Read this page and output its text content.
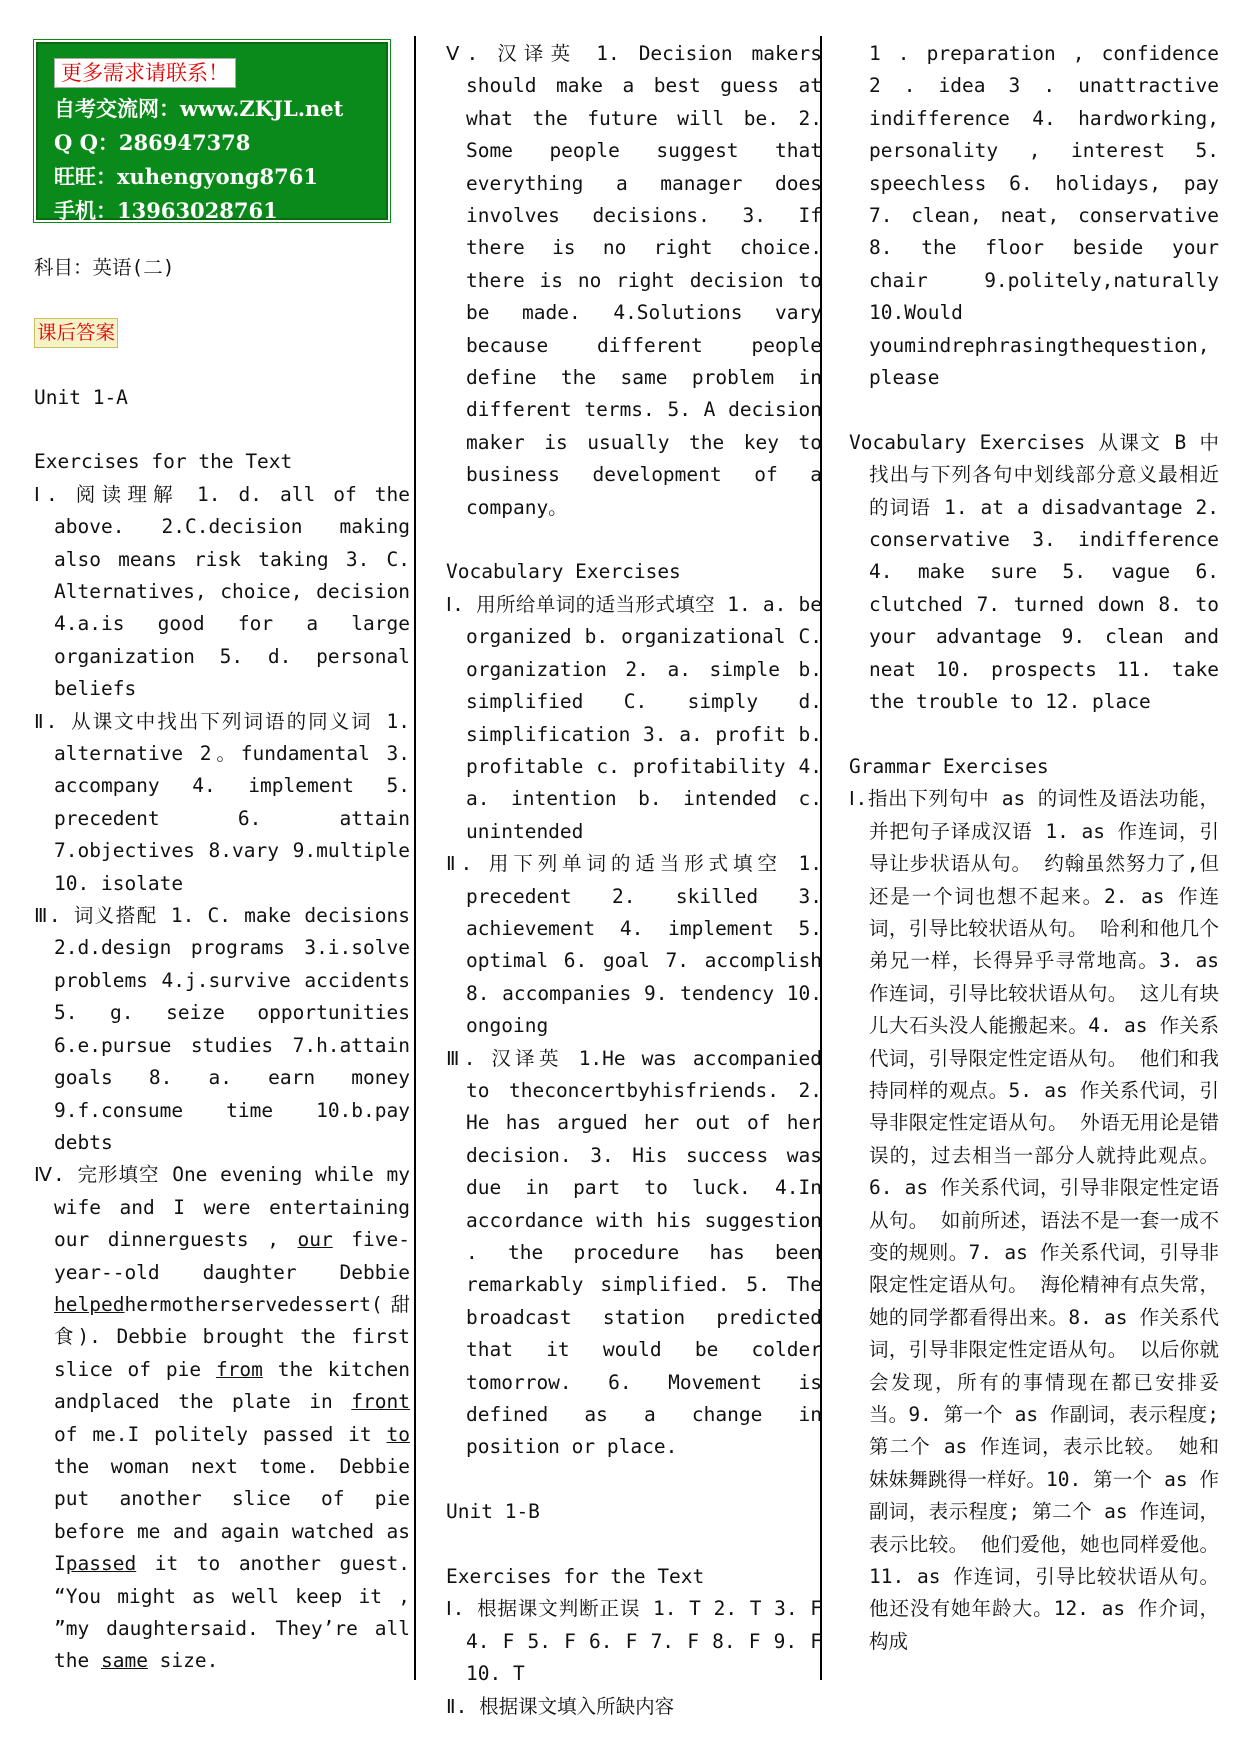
更多需求请联系！
自考交流网：www.ZKJL.net
Q Q：286947378
旺旺：xuhengyong8761
手机：13963028761

科目：英语(二)

课后答案

Unit 1-A

Exercises for the Text

Ⅰ. 阅读理解 1. d. all of the above. 2.C.decision making also means risk taking 3. C. Alternatives, choice, decision 4.a.is good for a large organization 5. d. personal beliefs

Ⅱ. 从课文中找出下列词语的同义词 1. alternative 2。fundamental 3. accompany 4. implement 5. precedent 6. attain 7.objectives 8.vary 9.multiple 10. isolate

Ⅲ. 词义搭配 1. C. make decisions 2.d.design programs 3.i.solve problems 4.j.survive accidents 5. g. seize opportunities 6.e.pursue studies 7.h.attain goals 8. a. earn money 9.f.consume time 10.b.pay debts

Ⅳ. 完形填空 One evening while my wife and I were entertaining our dinnerguests , our five-year--old daughter Debbie helpedhermotherservedessert(甜食). Debbie brought the first slice of pie from the kitchen andplaced the plate in front of me.I politely passed it to the woman next tome. Debbie put another slice of pie before me and again watched as Ipassed it to another guest. “You might as well keep it , ”my daughtersaid. They’re all the same size.

Ⅴ. 汉译英 1. Decision makers should make a best guess at what the future will be. 2. Some people suggest that everything a manager does involves decisions. 3. If there is no right choice. there is no right decision to be made. 4.Solutions vary because different people define the same problem in different terms. 5. A decision maker is usually the key to business development of a company。

Vocabulary Exercises

Ⅰ. 用所给单词的适当形式填空 1. a. be organized b. organizational C. organization 2. a. simple b. simplified C. simply d. simplification 3. a. profit b. profitable c. profitability 4. a. intention b. intended c. unintended

Ⅱ. 用下列单词的适当形式填空 1. precedent 2. skilled 3. achievement 4. implement 5. optimal 6. goal 7. accomplish 8. accompanies 9. tendency 10. ongoing

Ⅲ. 汉译英 1.He was accompanied to theconcertbyhisfriends. 2. He has argued her out of her decision. 3. His success was due in part to luck. 4.In accordance with his suggestion . the procedure has been remarkably simplified. 5. The broadcast station predicted that it would be colder tomorrow. 6. Movement is defined as a change in position or place.

Unit 1-B

Exercises for the Text

Ⅰ. 根据课文判断正误 1. T 2. T 3. F 4. F 5. F 6. F 7. F 8. F 9. F 10. T

Ⅱ. 根据课文填入所缺内容

1 . preparation , confidence 2 . idea 3 . unattractive indifference 4. hardworking, personality , interest 5. speechless 6. holidays, pay 7. clean, neat, conservative 8. the floor beside your chair 9.politely,naturally 10.Would youmindrephrasingthequestion, please

Vocabulary Exercises 从课文 B 中找出与下列各句中划线部分意义最相近的词语 1. at a disadvantage 2. conservative 3. indifference 4. make sure 5. vague 6. clutched 7. turned down 8. to your advantage 9. clean and neat 10. prospects 11. take the trouble to 12. place

Grammar Exercises

Ⅰ.指出下列句中 as 的词性及语法功能，并把句子译成汉语 1. as 作连词，引导让步状语从句。 约翰虽然努力了,但还是一个词也想不起来。2. as 作连词，引导比较状语从句。 哈利和他几个弟兄一样，长得异乎寻常地高。3. as 作连词，引导比较状语从句。 这儿有块儿大石头没人能搬起来。4. as 作关系代词，引导限定性定语从句。 他们和我持同样的观点。5. as 作关系代词，引导非限定性定语从句。 外语无用论是错误的，过去相当一部分人就持此观点。6. as 作关系代词，引导非限定性定语从句。 如前所述，语法不是一套一成不变的规则。7. as 作关系代词，引导非限定性定语从句。 海伦精神有点失常，她的同学都看得出来。8. as 作关系代词，引导非限定性定语从句。 以后你就会发现，所有的事情现在都已安排妥当。9. 第一个 as 作副词，表示程度; 第二个 as 作连词，表示比较。 她和妹妹舞跳得一样好。10. 第一个 as 作副词，表示程度; 第二个 as 作连词，表示比较。 他们爱他，她也同样爱他。11. as 作连词，引导比较状语从句。 他还没有她年龄大。12. as 作介词，构成
